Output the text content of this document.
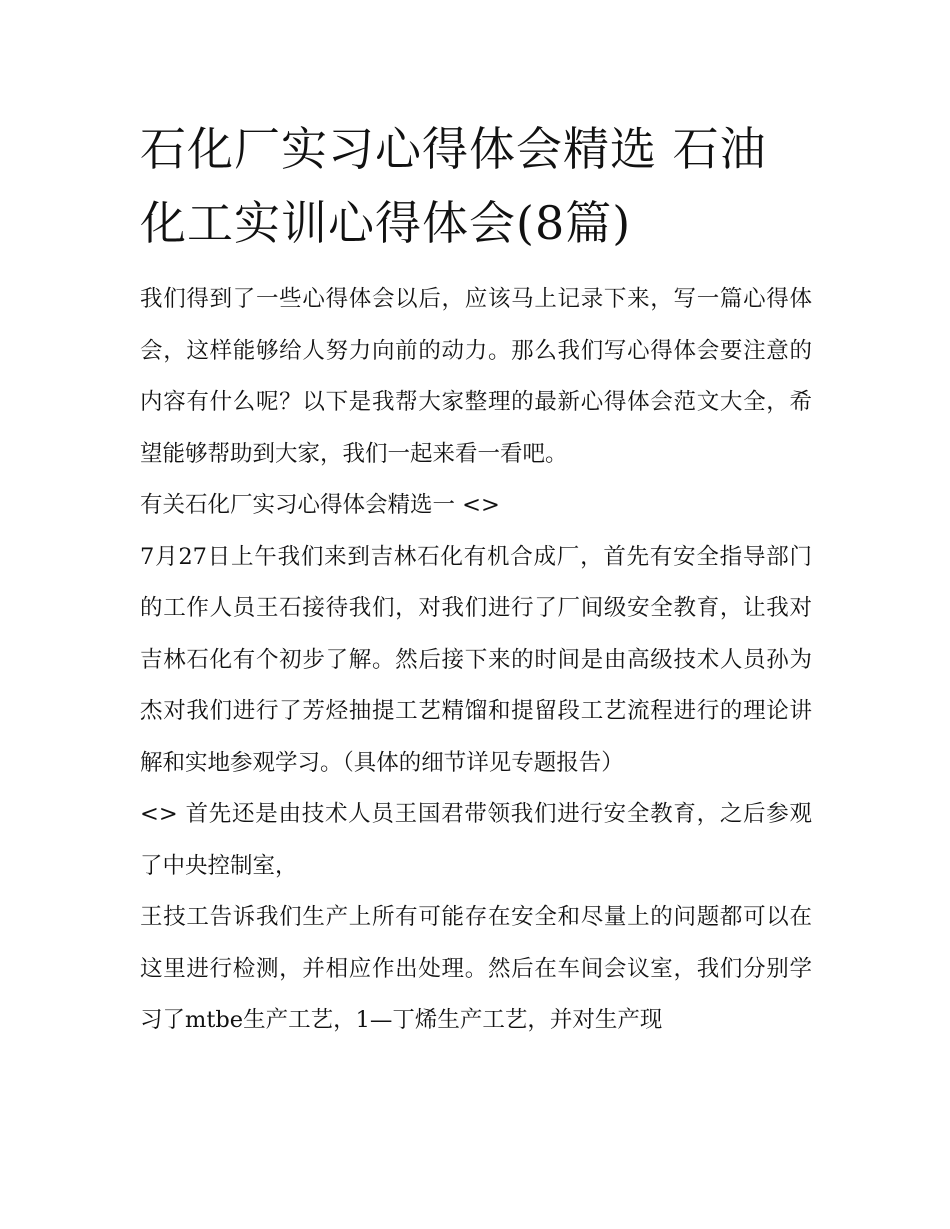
石化厂实习心得体会精选 石油化工实训心得体会(8篇)

我们得到了一些心得体会以后，应该马上记录下来，写一篇心得体会，这样能够给人努力向前的动力。那么我们写心得体会要注意的内容有什么呢？以下是我帮大家整理的最新心得体会范文大全，希望能够帮助到大家，我们一起来看一看吧。

有关石化厂实习心得体会精选一 <>

7月27日上午我们来到吉林石化有机合成厂，首先有安全指导部门的工作人员王石接待我们，对我们进行了厂间级安全教育，让我对吉林石化有个初步了解。然后接下来的时间是由高级技术人员孙为杰对我们进行了芳烃抽提工艺精馏和提留段工艺流程进行的理论讲解和实地参观学习。（具体的细节详见专题报告）

<> 首先还是由技术人员王国君带领我们进行安全教育，之后参观了中央控制室，

王技工告诉我们生产上所有可能存在安全和尽量上的问题都可以在这里进行检测，并相应作出处理。然后在车间会议室，我们分别学习了mtbe生产工艺，1—丁烯生产工艺，并对生产现
